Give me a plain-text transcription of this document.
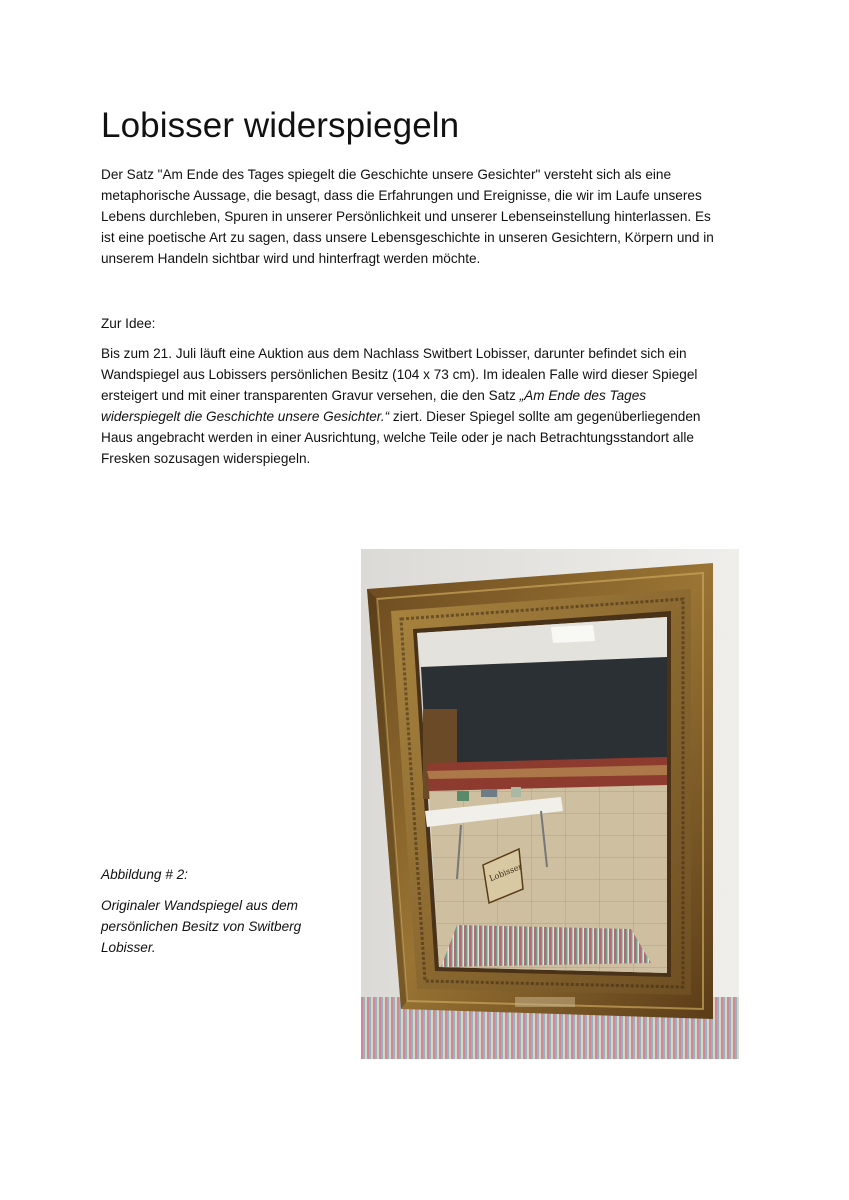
Lobisser widerspiegeln
Der Satz "Am Ende des Tages spiegelt die Geschichte unsere Gesichter" versteht sich als eine
metaphorische Aussage, die besagt, dass die Erfahrungen und Ereignisse, die wir im Laufe unseres
Lebens durchleben, Spuren in unserer Persönlichkeit und unserer Lebenseinstellung hinterlassen. Es
ist eine poetische Art zu sagen, dass unsere Lebensgeschichte in unseren Gesichtern, Körpern und in
unserem Handeln sichtbar wird und hinterfragt werden möchte.

Zur Idee:

Bis zum 21. Juli läuft eine Auktion aus dem Nachlass Switbert Lobisser, darunter befindet sich ein
Wandspiegel aus Lobissers persönlichen Besitz (104 x 73 cm). Im idealen Falle wird dieser Spiegel
ersteigert und mit einer transparenten Gravur versehen, die den Satz „Am Ende des Tages
widerspiegelt die Geschichte unsere Gesichter.“ ziert. Dieser Spiegel sollte am gegenüberliegenden
Haus angebracht werden in einer Ausrichtung, welche Teile oder je nach Betrachtungsstandort alle
Fresken sozusagen widerspiegeln.

Abbildung # 2:

Originaler Wandspiegel aus dem
persönlichen Besitz von Switberg
Lobisser.
Lobisser
